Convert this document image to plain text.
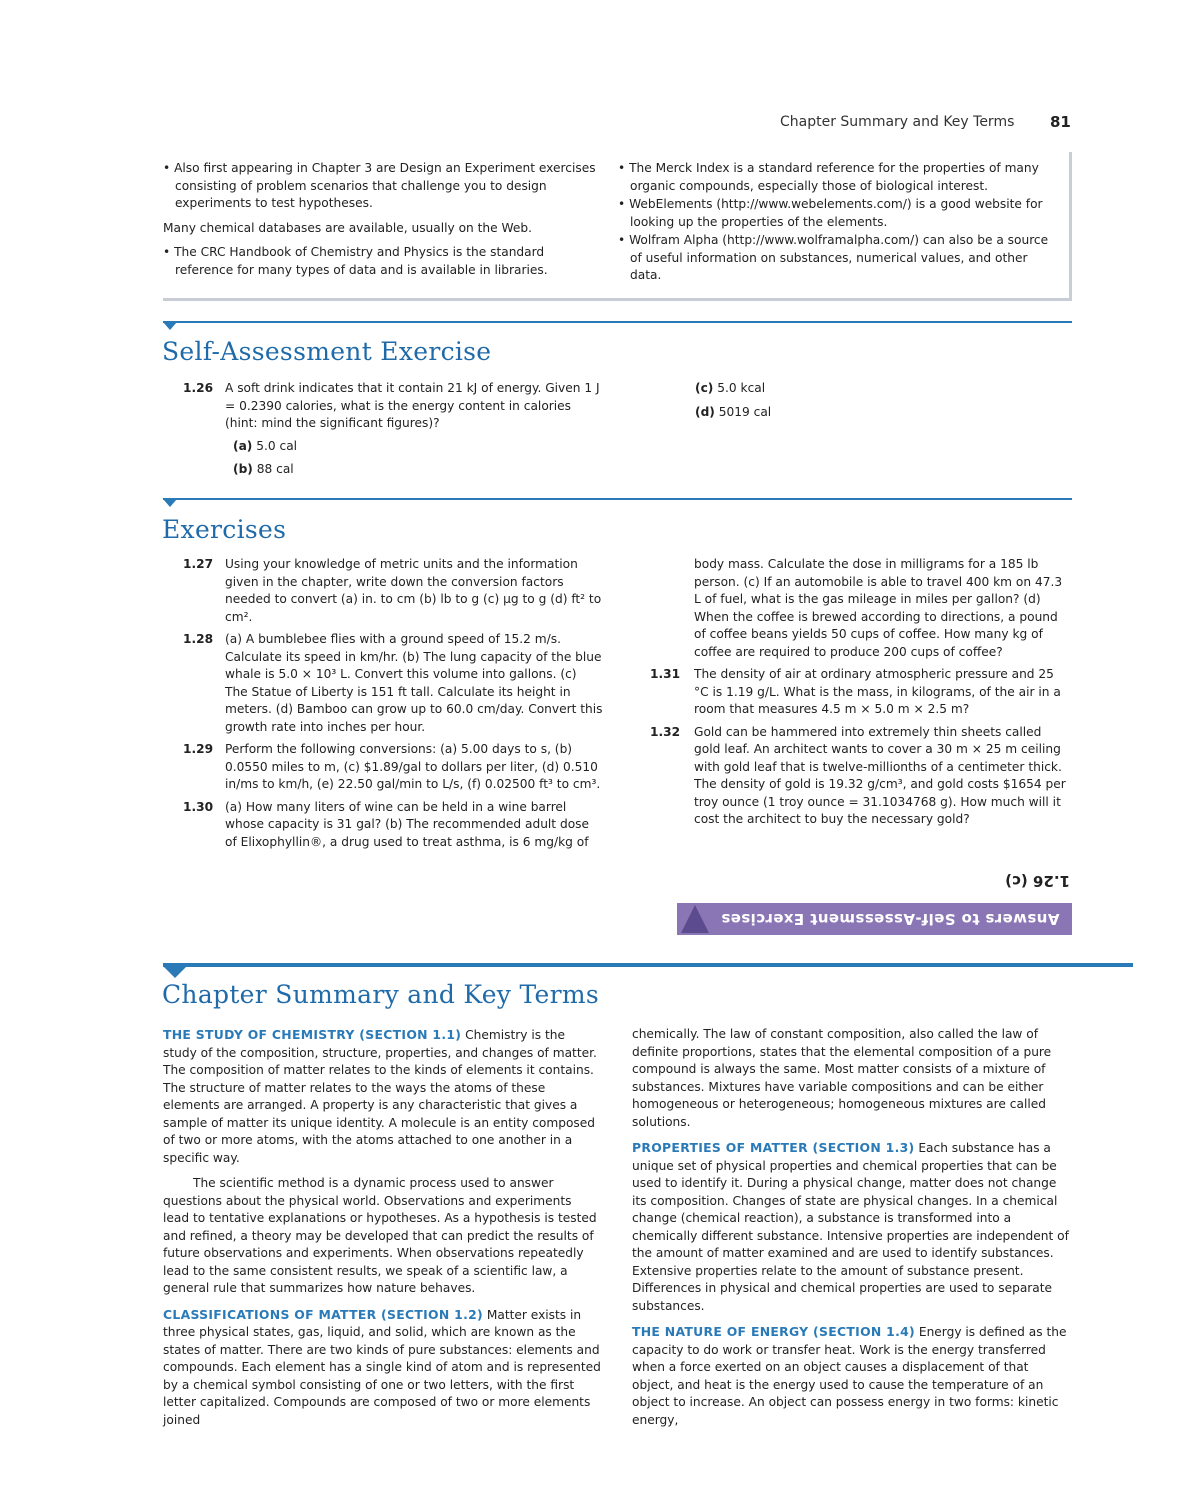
Chapter Summary and Key Terms 81

• Also first appearing in Chapter 3 are Design an Experiment exercises consisting of problem scenarios that challenge you to design experiments to test hypotheses.

Many chemical databases are available, usually on the Web.

• The CRC Handbook of Chemistry and Physics is the standard reference for many types of data and is available in libraries.

• The Merck Index is a standard reference for the properties of many organic compounds, especially those of biological interest.

• WebElements (http://www.webelements.com/) is a good website for looking up the properties of the elements.

• Wolfram Alpha (http://www.wolframalpha.com/) can also be a source of useful information on substances, numerical values, and other data.

Self-Assessment Exercise
1.26 A soft drink indicates that it contain 21 kJ of energy. Given 1 J = 0.2390 calories, what is the energy content in calories (hint: mind the significant figures)?
(a) 5.0 cal
(b) 88 cal
(c) 5.0 kcal
(d) 5019 cal
Exercises
1.27 Using your knowledge of metric units and the information given in the chapter, write down the conversion factors needed to convert (a) in. to cm (b) lb to g (c) μg to g (d) ft² to cm².
1.28 (a) A bumblebee flies with a ground speed of 15.2 m/s. Calculate its speed in km/hr. (b) The lung capacity of the blue whale is 5.0 × 10³ L. Convert this volume into gallons. (c) The Statue of Liberty is 151 ft tall. Calculate its height in meters. (d) Bamboo can grow up to 60.0 cm/day. Convert this growth rate into inches per hour.
1.29 Perform the following conversions: (a) 5.00 days to s, (b) 0.0550 miles to m, (c) $1.89/gal to dollars per liter, (d) 0.510 in/ms to km/h, (e) 22.50 gal/min to L/s, (f) 0.02500 ft³ to cm³.
1.30 (a) How many liters of wine can be held in a wine barrel whose capacity is 31 gal? (b) The recommended adult dose of Elixophyllin®, a drug used to treat asthma, is 6 mg/kg of
body mass. Calculate the dose in milligrams for a 185 lb person. (c) If an automobile is able to travel 400 km on 47.3 L of fuel, what is the gas mileage in miles per gallon? (d) When the coffee is brewed according to directions, a pound of coffee beans yields 50 cups of coffee. How many kg of coffee are required to produce 200 cups of coffee?
1.31	The density of air at ordinary atmospheric pressure and 25 °C is 1.19 g/L. What is the mass, in kilograms, of the air in a room that measures 4.5 m × 5.0 m × 2.5 m?
1.32	Gold can be hammered into extremely thin sheets called gold leaf. An architect wants to cover a 30 m × 25 m ceiling with gold leaf that is twelve-millionths of a centimeter thick. The density of gold is 19.32 g/cm³, and gold costs $1654 per troy ounce (1 troy ounce = 31.1034768 g). How much will it cost the architect to buy the necessary gold?
1.26 (c)
Answers to Self-Assessment Exercises
Chapter Summary and Key Terms

THE STUDY OF CHEMISTRY (SECTION 1.1) Chemistry is the study of the composition, structure, properties, and changes of matter. The composition of matter relates to the kinds of elements it contains. The structure of matter relates to the ways the atoms of these elements are arranged. A property is any characteristic that gives a sample of matter its unique identity. A molecule is an entity composed of two or more atoms, with the atoms attached to one another in a specific way.

The scientific method is a dynamic process used to answer questions about the physical world. Observations and experiments lead to tentative explanations or hypotheses. As a hypothesis is tested and refined, a theory may be developed that can predict the results of future observations and experiments. When observations repeatedly lead to the same consistent results, we speak of a scientific law, a general rule that summarizes how nature behaves.

CLASSIFICATIONS OF MATTER (SECTION 1.2) Matter exists in three physical states, gas, liquid, and solid, which are known as the states of matter. There are two kinds of pure substances: elements and compounds. Each element has a single kind of atom and is represented by a chemical symbol consisting of one or two letters, with the first letter capitalized. Compounds are composed of two or more elements joined

chemically. The law of constant composition, also called the law of definite proportions, states that the elemental composition of a pure compound is always the same. Most matter consists of a mixture of substances. Mixtures have variable compositions and can be either homogeneous or heterogeneous; homogeneous mixtures are called solutions.

PROPERTIES OF MATTER (SECTION 1.3) Each substance has a unique set of physical properties and chemical properties that can be used to identify it. During a physical change, matter does not change its composition. Changes of state are physical changes. In a chemical change (chemical reaction), a substance is transformed into a chemically different substance. Intensive properties are independent of the amount of matter examined and are used to identify substances. Extensive properties relate to the amount of substance present. Differences in physical and chemical properties are used to separate substances.

THE NATURE OF ENERGY (SECTION 1.4) Energy is defined as the capacity to do work or transfer heat. Work is the energy transferred when a force exerted on an object causes a displacement of that object, and heat is the energy used to cause the temperature of an object to increase. An object can possess energy in two forms: kinetic energy,
